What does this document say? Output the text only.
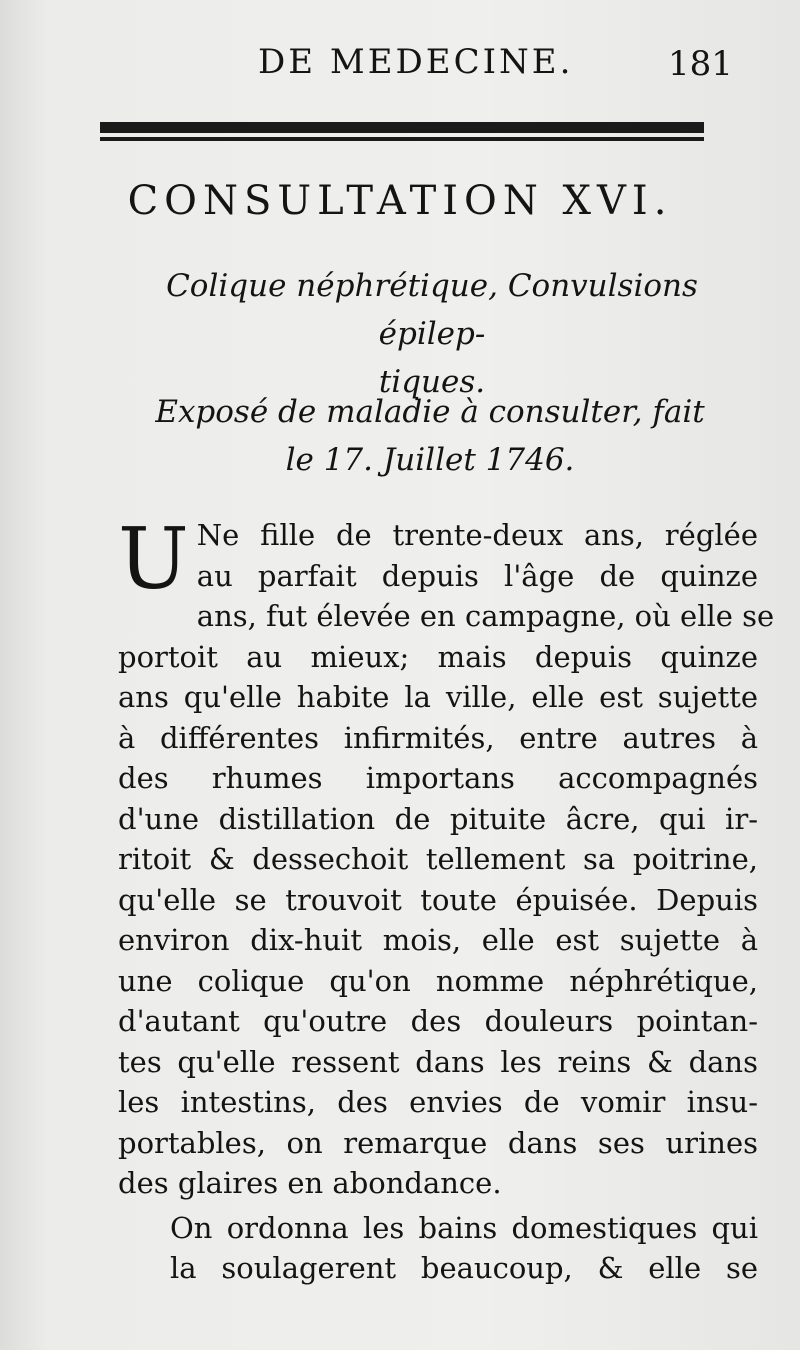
DE MEDECINE.	181
CONSULTATION XVI.
Colique néphrétique, Convulsions épilep-
tiques.
Exposé de maladie à consulter, fait
le 17. Juillet 1746.
U Ne fille de trente-deux ans, réglée
au parfait depuis l'âge de quinze
ans, fut élevée en campagne, où elle se
portoit au mieux; mais depuis quinze
ans qu'elle habite la ville, elle est sujette
à différentes infirmités, entre autres à
des rhumes importans accompagnés
d'une distillation de pituite âcre, qui ir-
ritoit & dessechoit tellement sa poitrine,
qu'elle se trouvoit toute épuisée. Depuis
environ dix-huit mois, elle est sujette à
une colique qu'on nomme néphrétique,
d'autant qu'outre des douleurs pointan-
tes qu'elle ressent dans les reins & dans
les intestins, des envies de vomir insu-
portables, on remarque dans ses urines
des glaires en abondance.
On ordonna les bains domestiques qui
la soulagerent beaucoup, & elle se
